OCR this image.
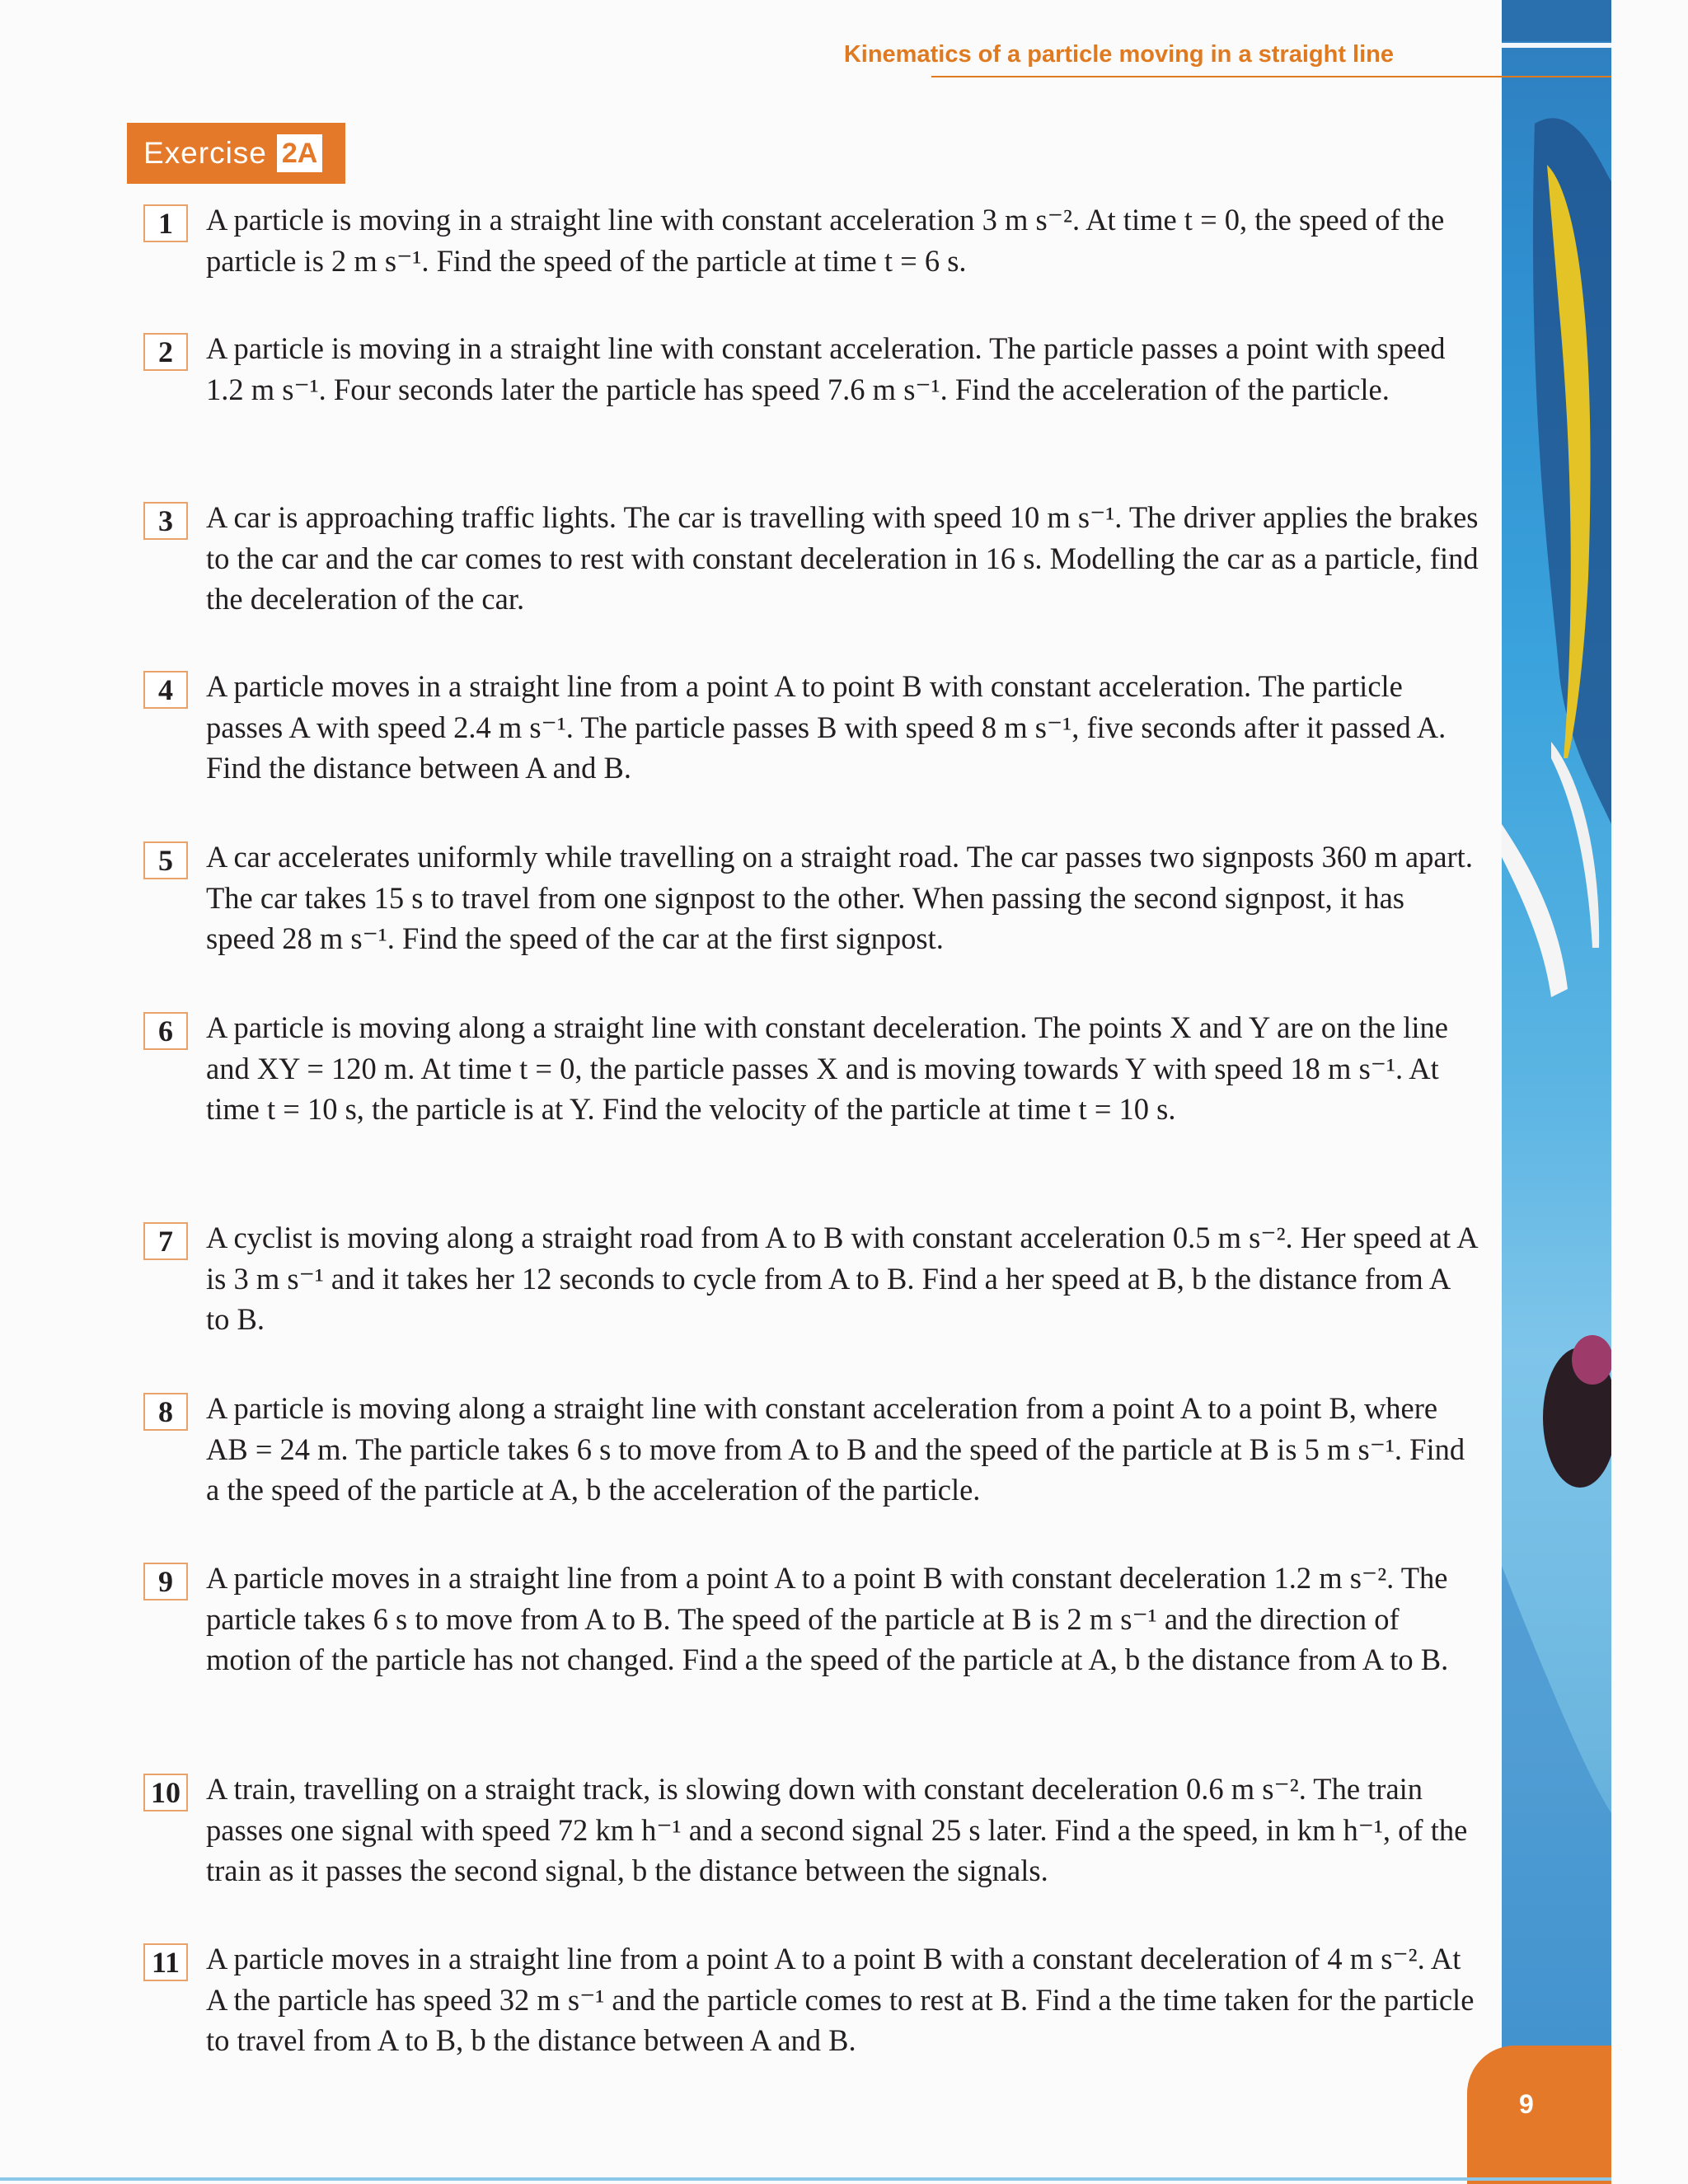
Kinematics of a particle moving in a straight line
Exercise 2A
1	A particle is moving in a straight line with constant acceleration 3 m s⁻². At time t = 0, the speed of the particle is 2 m s⁻¹. Find the speed of the particle at time t = 6 s.
2	A particle is moving in a straight line with constant acceleration. The particle passes a point with speed 1.2 m s⁻¹. Four seconds later the particle has speed 7.6 m s⁻¹. Find the acceleration of the particle.
3	A car is approaching traffic lights. The car is travelling with speed 10 m s⁻¹. The driver applies the brakes to the car and the car comes to rest with constant deceleration in 16 s. Modelling the car as a particle, find the deceleration of the car.
4	A particle moves in a straight line from a point A to point B with constant acceleration. The particle passes A with speed 2.4 m s⁻¹. The particle passes B with speed 8 m s⁻¹, five seconds after it passed A. Find the distance between A and B.
5	A car accelerates uniformly while travelling on a straight road. The car passes two signposts 360 m apart. The car takes 15 s to travel from one signpost to the other. When passing the second signpost, it has speed 28 m s⁻¹. Find the speed of the car at the first signpost.
6	A particle is moving along a straight line with constant deceleration. The points X and Y are on the line and XY = 120 m. At time t = 0, the particle passes X and is moving towards Y with speed 18 m s⁻¹. At time t = 10 s, the particle is at Y. Find the velocity of the particle at time t = 10 s.
7	A cyclist is moving along a straight road from A to B with constant acceleration 0.5 m s⁻². Her speed at A is 3 m s⁻¹ and it takes her 12 seconds to cycle from A to B. Find a her speed at B, b the distance from A to B.
8	A particle is moving along a straight line with constant acceleration from a point A to a point B, where AB = 24 m. The particle takes 6 s to move from A to B and the speed of the particle at B is 5 m s⁻¹. Find a the speed of the particle at A, b the acceleration of the particle.
9	A particle moves in a straight line from a point A to a point B with constant deceleration 1.2 m s⁻². The particle takes 6 s to move from A to B. The speed of the particle at B is 2 m s⁻¹ and the direction of motion of the particle has not changed. Find a the speed of the particle at A, b the distance from A to B.
10 A train, travelling on a straight track, is slowing down with constant deceleration 0.6 m s⁻². The train passes one signal with speed 72 km h⁻¹ and a second signal 25 s later. Find a the speed, in km h⁻¹, of the train as it passes the second signal, b the distance between the signals.
11 A particle moves in a straight line from a point A to a point B with a constant deceleration of 4 m s⁻². At A the particle has speed 32 m s⁻¹ and the particle comes to rest at B. Find a the time taken for the particle to travel from A to B, b the distance between A and B.
9
